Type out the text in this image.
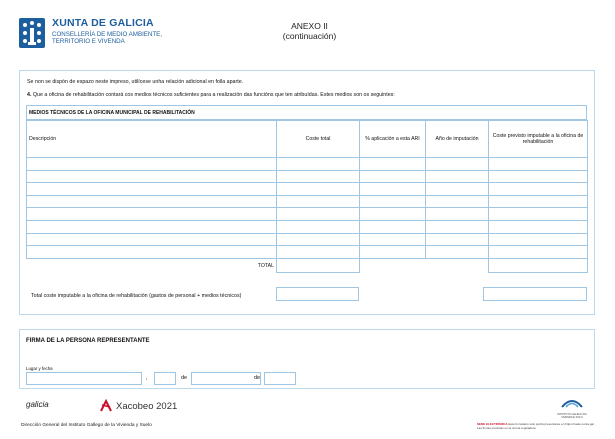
XUNTA DE GALICIA
CONSELLERÍA DE MEDIO AMBIENTE,
TERRITORIO E VIVENDA
ANEXO II
(continuación)
Se non se dispón de espazo neste impreso, utilícese unha relación adicional en folla aparte.
4. Que a oficina de rehabilitación contará cos medios técnicos suficientes para a realización das funcións que ten atribuídas. Estes medios son os seguintes:
MEDIOS TÉCNICOS DE LA OFICINA MUNICIPAL DE REHABILITACIÓN
Descripción	Coste total	% aplicación a esta ARI	Año de imputación	Coste previsto imputable a la oficina de rehabilitación

TOTAL				
Total coste imputable a la oficina de rehabilitación (gastos de personal + medios técnicos)
FIRMA DE LA PERSONA REPRESENTANTE
Lugar y fecha
,	de	de
galicia	Xacobeo 2021
Dirección General del Instituto Gallego de la Vivienda y Suelo
INSTITUTO GALEGO DA VIVENDA E SOLO
SEDE ELECTRÓNICA Este formulario sólo podrá presentarse en https://sede.xunta.gal · Las firmas previstas en la norma reguladora
